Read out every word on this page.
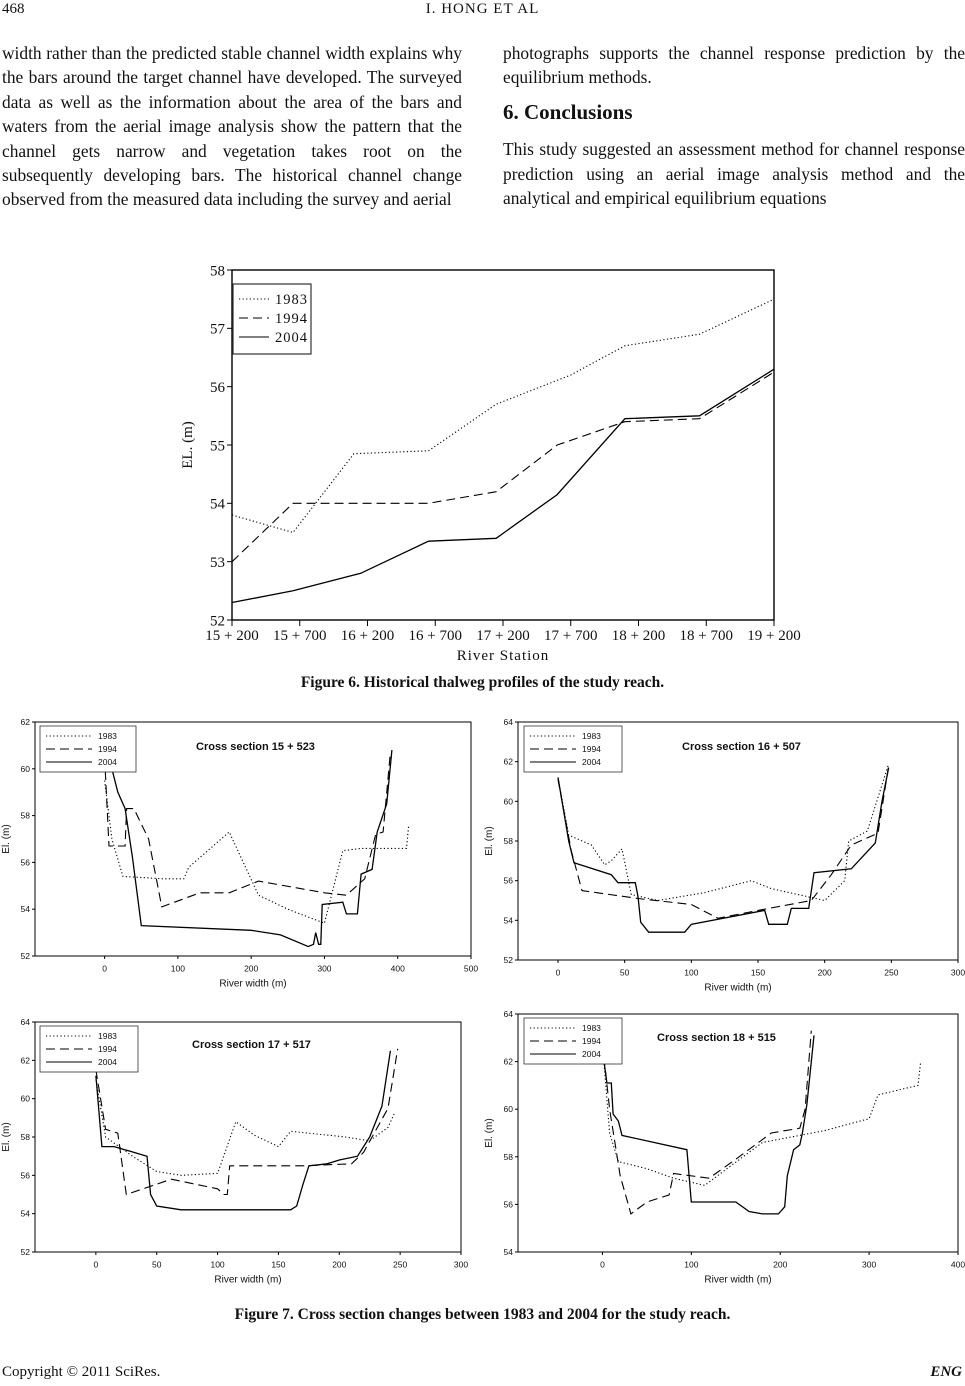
468	I. HONG ET AL

width rather than the predicted stable channel width explains why the bars around the target channel have developed. The surveyed data as well as the information about the area of the bars and waters from the aerial image analysis show the pattern that the channel gets narrow and vegetation takes root on the subsequently developing bars. The historical channel change observed from the measured data including the survey and aerial

photographs supports the channel response prediction by the equilibrium methods.

6. Conclusions

This study suggested an assessment method for channel response prediction using an aerial image analysis method and the analytical and empirical equilibrium equations

52
53
54
55
56
57
58
15 + 200 15 + 700 16 + 200 16 + 700 17 + 200 17 + 700 18 + 200 18 + 700 19 + 200
River Station
EL. (m)
1983
1994
2004
Figure 6. Historical thalweg profiles of the study reach.
52
54
56
58
60
62
0	100	200	300	400	500
River width (m)
El. (m)
1983
1994
2004
Cross section 15 + 523
52
54
56
58
60
62
64
0	50	100	150	200	250	300
River width (m)
El. (m)
1983
1994
2004
Cross section 16 + 507
52
54
56
58
60
62
64
0	50	100	150	200	250	300
River width (m)
El. (m)
1983
1994
2004
Cross section 17 + 517
54
56
58
60
62
64
0	100	200	300	400
River width (m)
El. (m)
1983
1994
2004
Cross section 18 + 515
Figure 7. Cross section changes between 1983 and 2004 for the study reach.
Copyright © 2011 SciRes.	ENG
